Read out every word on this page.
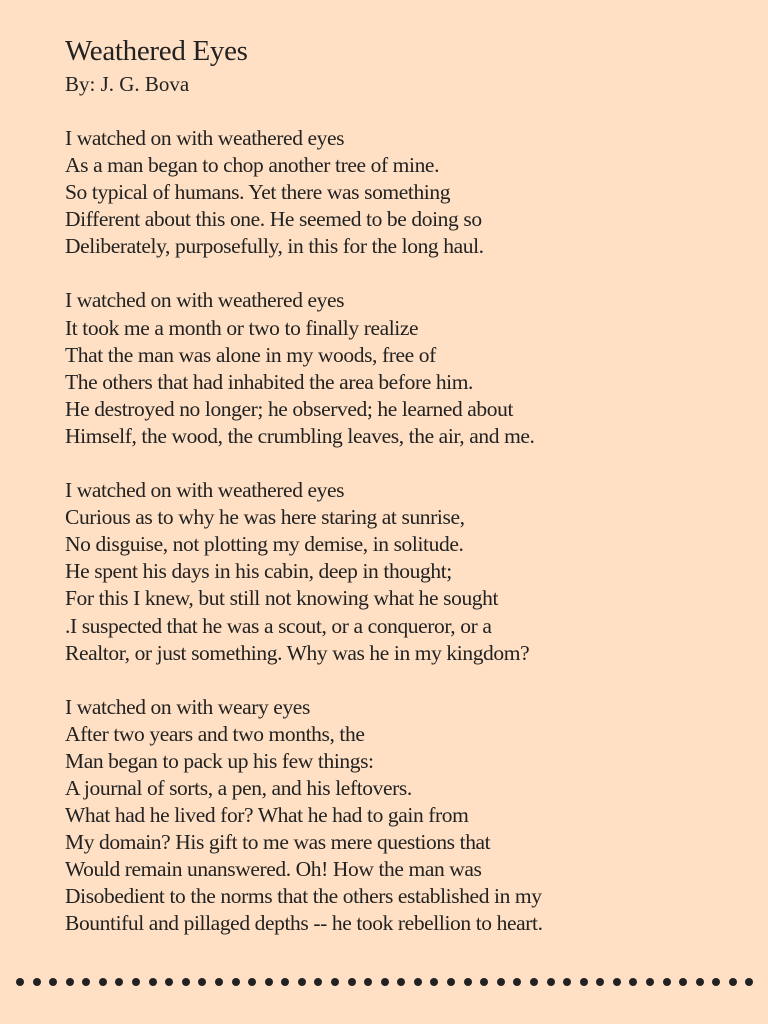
Weathered Eyes
By: J. G. Bova
I watched on with weathered eyes
As a man began to chop another tree of mine.
So typical of humans. Yet there was something
Different about this one. He seemed to be doing so
Deliberately, purposefully, in this for the long haul.
I watched on with weathered eyes
It took me a month or two to finally realize
That the man was alone in my woods, free of
The others that had inhabited the area before him.
He destroyed no longer; he observed; he learned about
Himself, the wood, the crumbling leaves, the air, and me.
I watched on with weathered eyes
Curious as to why he was here staring at sunrise,
No disguise, not plotting my demise, in solitude.
He spent his days in his cabin, deep in thought;
For this I knew, but still not knowing what he sought
.I suspected that he was a scout, or a conqueror, or a
Realtor, or just something. Why was he in my kingdom?
I watched on with weary eyes
After two years and two months, the
Man began to pack up his few things:
A journal of sorts, a pen, and his leftovers.
What had he lived for? What he had to gain from
My domain? His gift to me was mere questions that
Would remain unanswered. Oh! How the man was
Disobedient to the norms that the others established in my
Bountiful and pillaged depths -- he took rebellion to heart.
